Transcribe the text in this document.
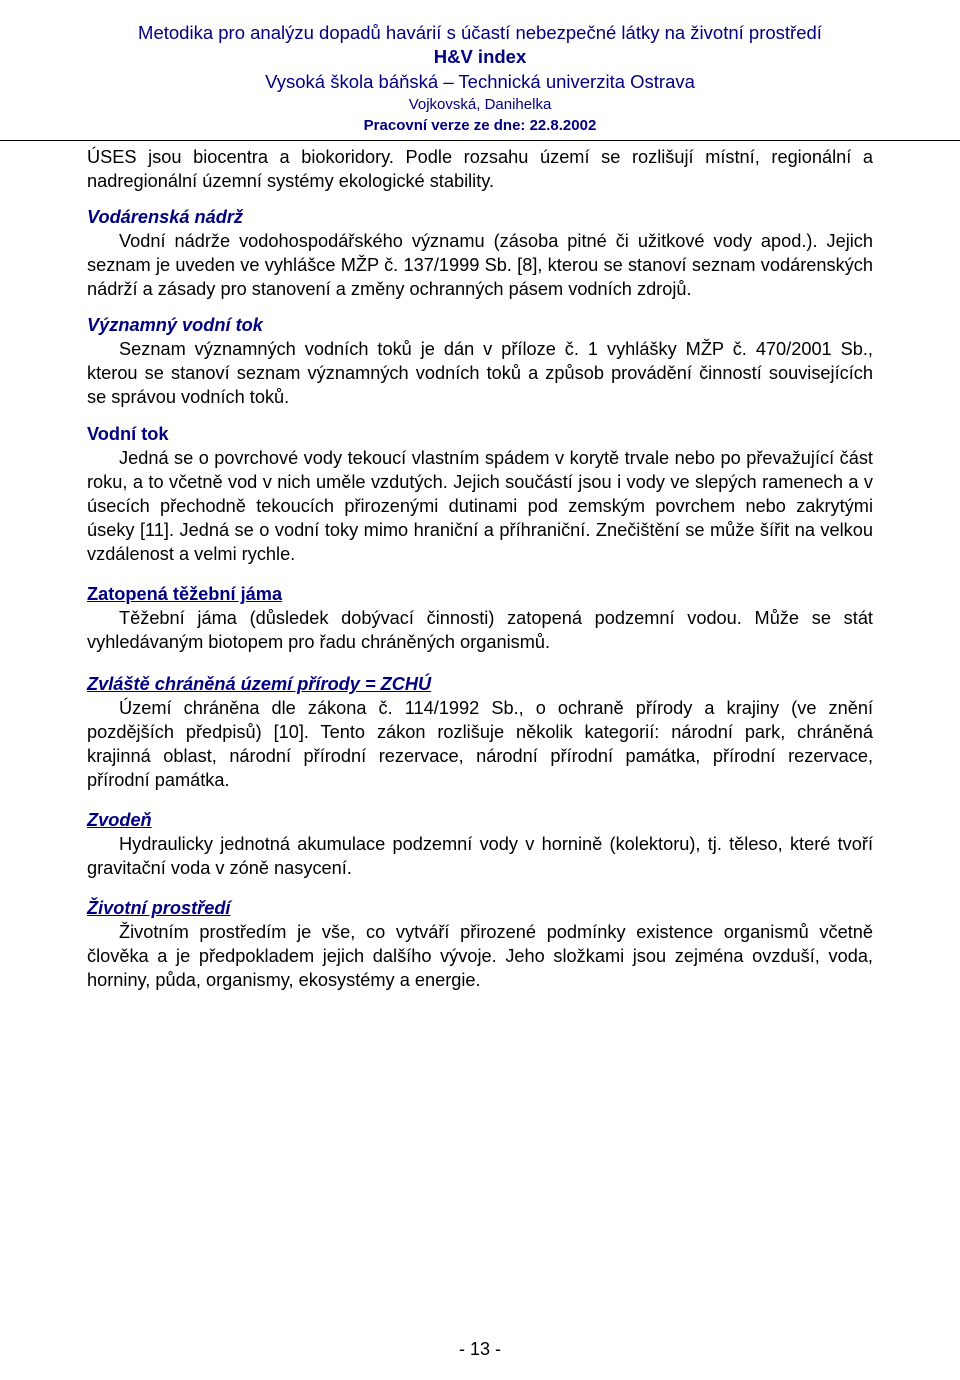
Metodika pro analýzu dopadů havárií s účastí nebezpečné látky na životní prostředí
H&V index
Vysoká škola báňská – Technická univerzita Ostrava
Vojkovská, Danihelka
Pracovní verze ze dne: 22.8.2002

ÚSES jsou biocentra a biokoridory. Podle rozsahu území se rozlišují místní, regionální a nadregionální územní systémy ekologické stability.

Vodárenská nádrž

Vodní nádrže vodohospodářského významu (zásoba pitné či užitkové vody apod.). Jejich seznam je uveden ve vyhlášce MŽP č. 137/1999 Sb. [8], kterou se stanoví seznam vodárenských nádrží a zásady pro stanovení a změny ochranných pásem vodních zdrojů.

Významný vodní tok

Seznam významných vodních toků je dán v příloze č. 1 vyhlášky MŽP č. 470/2001 Sb., kterou se stanoví seznam významných vodních toků a způsob provádění činností souvisejících se správou vodních toků.

Vodní tok

Jedná se o povrchové vody tekoucí vlastním spádem v korytě trvale nebo po převažující část roku, a to včetně vod v nich uměle vzdutých. Jejich součástí jsou i vody ve slepých ramenech a v úsecích přechodně tekoucích přirozenými dutinami pod zemským povrchem nebo zakrytými úseky [11]. Jedná se o vodní toky mimo hraniční a příhraniční. Znečištění se může šířit na velkou vzdálenost a velmi rychle.

Zatopená těžební jáma

Těžební jáma (důsledek dobývací činnosti) zatopená podzemní vodou. Může se stát vyhledávaným biotopem pro řadu chráněných organismů.

Zvláště chráněná území přírody = ZCHÚ

Území chráněna dle zákona č. 114/1992 Sb., o ochraně přírody a krajiny (ve znění pozdějších předpisů) [10]. Tento zákon rozlišuje několik kategorií: národní park, chráněná krajinná oblast, národní přírodní rezervace, národní přírodní památka, přírodní rezervace, přírodní památka.

Zvodeň

Hydraulicky jednotná akumulace podzemní vody v hornině (kolektoru), tj. těleso, které tvoří gravitační voda v zóně nasycení.

Životní prostředí

Životním prostředím je vše, co vytváří přirozené podmínky existence organismů včetně člověka a je předpokladem jejich dalšího vývoje. Jeho složkami jsou zejména ovzduší, voda, horniny, půda, organismy, ekosystémy a energie.

- 13 -
